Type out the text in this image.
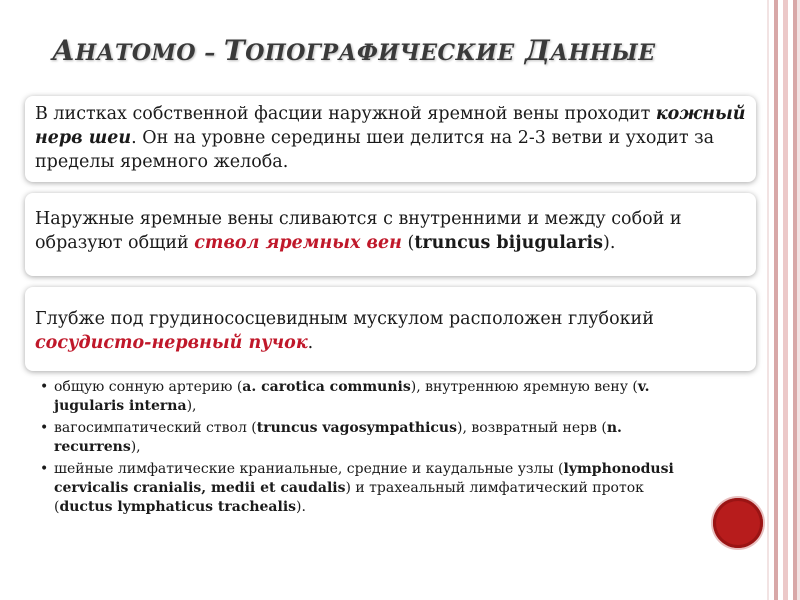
АНАТОМО – ТОПОГРАФИЧЕСКИЕ ДАННЫЕ
В листках собственной фасции наружной яремной вены проходит кожный нерв шеи. Он на уровне середины шеи делится на 2-3 ветви и уходит за пределы яремного желоба.
Наружные яремные вены сливаются с внутренними и между собой и образуют общий ствол яремных вен (truncus bijugularis).
Глубже под грудиноcосцевидным мускулом расположен глубокий сосудисто-нервный пучок.
• общую сонную артерию (a. carotica communis), внутреннюю яремную вену (v. jugularis interna),
• вагосимпатический ствол (truncus vagosympathicus), возвратный нерв (n. recurrens),
• шейные лимфатические краниальные, средние и каудальные узлы (lymphonodusi cervicalis cranialis, medii et caudalis) и трахеальный лимфатический проток (ductus lymphaticus trachealis).
